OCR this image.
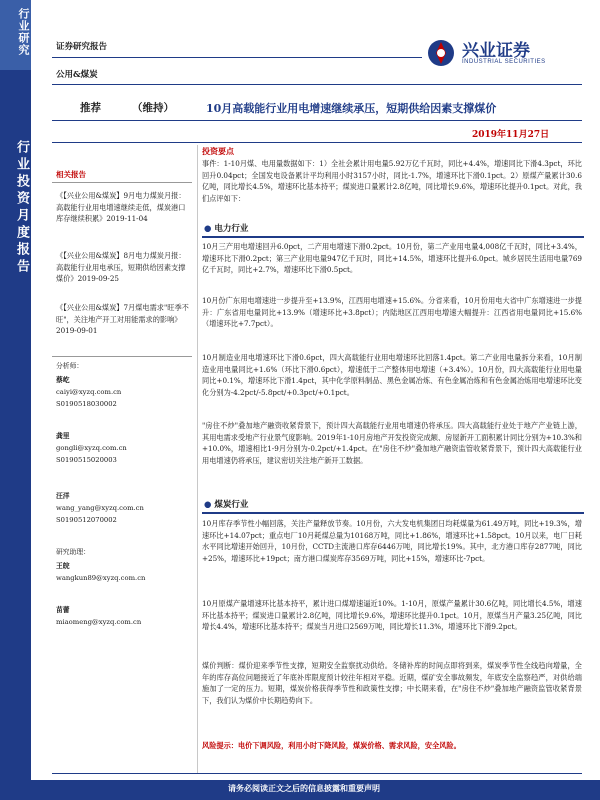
行业研究
行业投资月度报告
证券研究报告
公用&煤炭
兴业证券
INDUSTRIAL SECURITIES
推荐	（维持）	10月高载能行业用电增速继续承压，短期供给因素支撑煤价
2019年11月27日
相关报告
《【兴业公用&煤炭】9月电力煤炭月报：高载能行业用电增速继续走低，煤炭港口库存继续积累》2019-11-04
《【兴业公用&煤炭】8月电力煤炭月报：高载能行业用电承压，短期供给因素支撑煤价》2019-09-25
《【兴业公用&煤炭】7月煤电需求"旺季不旺"，关注地产开工对用能需求的影响》2019-09-01
分析师：
蔡屹
caiyi@xyzq.com.cn
S0190518030002
龚里
gongli@xyzq.com.cn
S0190515020003
汪洋
wang_yang@xyzq.com.cn
S0190512070002
研究助理：
王皖
wangkun89@xyzq.com.cn
苗蕾
miaomeng@xyzq.com.cn
投资要点
事件：1-10月煤、电用量数据如下：1）全社会累计用电量5.92万亿千瓦时，同比+4.4%，增速同比下滑4.3pct，环比回升0.04pct；全国发电设备累计平均利用小时3157小时，同比-1.7%，增速环比下滑0.1pct。2）原煤产量累计30.6亿吨，同比增长4.5%，增速环比基本持平；煤炭进口量累计2.8亿吨，同比增长9.6%，增速环比提升0.1pct。对此，我们点评如下：
● 电力行业
10月三产用电增速回升6.0pct，二产用电增速下滑0.2pct。10月份，第二产业用电量4,008亿千瓦时，同比+3.4%，增速环比下滑0.2pct；第三产业用电量947亿千瓦时，同比+14.5%，增速环比提升6.0pct。城乡居民生活用电量769亿千瓦时，同比+2.7%，增速环比下滑0.5pct。
10月份广东用电增速进一步提升至+13.9%，江西用电增速+15.6%。分省来看，10月份用电大省中广东增速进一步提升：广东省用电量同比+13.9%（增速环比+3.8pct）；内陆地区江西用电增速大幅提升：江西省用电量同比+15.6%（增速环比+7.7pct）。
10月制造业用电增速环比下滑0.6pct，四大高载能行业用电增速环比回落1.4pct。第二产业用电量拆分来看，10月制造业用电量同比+1.6%（环比下滑0.6pct），增速低于二产整体用电增速（+3.4%）。10月份，四大高载能行业用电量同比+0.1%，增速环比下滑1.4pct，其中化学原料制品、黑色金属冶炼、有色金属冶炼和有色金属冶炼用电增速环比变化分别为-4.2pct/-5.8pct/+0.3pct/+0.1pct。
"房住不炒"叠加地产融资收紧背景下，预计四大高载能行业用电增速仍将承压。四大高载能行业处于地产产业链上游，其用电需求受地产行业景气度影响。2019年1-10月房地产开发投资完成额、房屋新开工面积累计同比分别为+10.3%和+10.0%，增速相比1-9月分别为-0.2pct/+1.4pct。在"房住不炒"叠加地产融资监管收紧背景下，预计四大高载能行业用电增速仍将承压，建议密切关注地产新开工数据。
● 煤炭行业
10月库存季节性小幅回落，关注产量释放节奏。10月份，六大发电机集团日均耗煤量为61.49万吨，同比+19.3%，增速环比+14.07pct；重点电厂10月耗煤总量为10168万吨，同比+1.86%，增速环比+1.58pct。10月以来，电厂日耗水平同比增速开始回升，10月份，CCTD主流港口库存6446万吨，同比增长19%。其中，北方港口库存2877吨，同比+25%，增速环比+19pct；南方港口煤炭库存3569万吨，同比+15%，增速环比-7pct。
10月原煤产量增速环比基本持平，累计进口煤增速逼近10%。1-10月，原煤产量累计30.6亿吨，同比增长4.5%，增速环比基本持平；煤炭进口量累计2.8亿吨，同比增长9.6%，增速环比提升0.1pct。10月，原煤当月产量3.25亿吨，同比增长4.4%，增速环比基本持平；煤炭当月进口2569万吨，同比增长11.3%，增速环比下滑9.2pct。
煤价判断：煤价迎来季节性支撑，短期安全监察扰动供给。冬储补库的时间点即将到来，煤炭季节性全线趋向增量，全年的库存高位问题接近了年底补库限度预计较往年相对平稳。近期，煤矿安全事故频发，年底安全监察趋严，对供给端施加了一定的压力。短期，煤炭价格获得季节性和政策性支撑；中长期来看，在"房住不炒"叠加地产融资监管收紧背景下，我们认为煤价中长期趋势向下。
风险提示：电价下调风险，利用小时下降风险，煤炭价格、需求风险，安全风险。
请务必阅读正文之后的信息披露和重要声明
